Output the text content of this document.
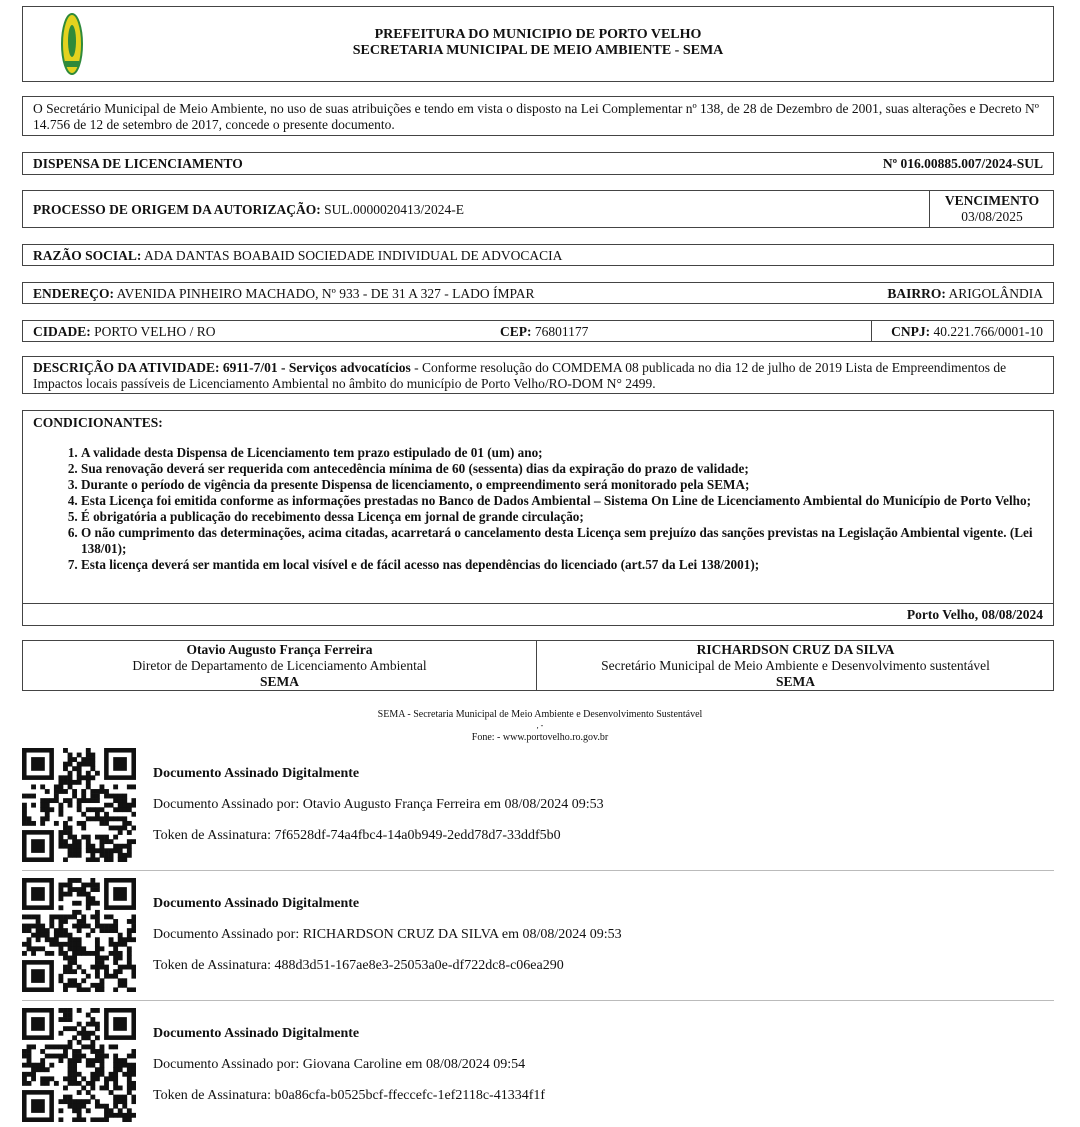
PREFEITURA DO MUNICIPIO DE PORTO VELHO
SECRETARIA MUNICIPAL DE MEIO AMBIENTE - SEMA
O Secretário Municipal de Meio Ambiente, no uso de suas atribuições e tendo em vista o disposto na Lei Complementar nº 138, de 28 de Dezembro de 2001, suas alterações e Decreto Nº 14.756 de 12 de setembro de 2017, concede o presente documento.
DISPENSA DE LICENCIAMENTO	Nº 016.00885.007/2024-SUL
PROCESSO DE ORIGEM DA AUTORIZAÇÃO: SUL.0000020413/2024-E
VENCIMENTO
03/08/2025
RAZÃO SOCIAL: ADA DANTAS BOABAID SOCIEDADE INDIVIDUAL DE ADVOCACIA
ENDEREÇO: AVENIDA PINHEIRO MACHADO, Nº 933 - DE 31 A 327 - LADO ÍMPAR	BAIRRO: ARIGOLÂNDIA
CIDADE: PORTO VELHO / RO	CEP: 76801177	CNPJ: 40.221.766/0001-10
DESCRIÇÃO DA ATIVIDADE: 6911-7/01 - Serviços advocatícios - Conforme resolução do COMDEMA 08 publicada no dia 12 de julho de 2019 Lista de Empreendimentos de Impactos locais passíveis de Licenciamento Ambiental no âmbito do município de Porto Velho/RO-DOM N° 2499.
CONDICIONANTES:
1. A validade desta Dispensa de Licenciamento tem prazo estipulado de 01 (um) ano;
2. Sua renovação deverá ser requerida com antecedência mínima de 60 (sessenta) dias da expiração do prazo de validade;
3. Durante o período de vigência da presente Dispensa de licenciamento, o empreendimento será monitorado pela SEMA;
4. Esta Licença foi emitida conforme as informações prestadas no Banco de Dados Ambiental – Sistema On Line de Licenciamento Ambiental do Município de Porto Velho;
5. É obrigatória a publicação do recebimento dessa Licença em jornal de grande circulação;
6. O não cumprimento das determinações, acima citadas, acarretará o cancelamento desta Licença sem prejuízo das sanções previstas na Legislação Ambiental vigente. (Lei 138/01);
7. Esta licença deverá ser mantida em local visível e de fácil acesso nas dependências do licenciado (art.57 da Lei 138/2001);
Porto Velho, 08/08/2024
Otavio Augusto França Ferreira
Diretor de Departamento de Licenciamento Ambiental
SEMA
RICHARDSON CRUZ DA SILVA
Secretário Municipal de Meio Ambiente e Desenvolvimento sustentável
SEMA
SEMA - Secretaria Municipal de Meio Ambiente e Desenvolvimento Sustentável
, -
Fone: - www.portovelho.ro.gov.br
Documento Assinado Digitalmente
Documento Assinado por: Otavio Augusto França Ferreira em 08/08/2024 09:53
Token de Assinatura: 7f6528df-74a4fbc4-14a0b949-2edd78d7-33ddf5b0
Documento Assinado Digitalmente
Documento Assinado por: RICHARDSON CRUZ DA SILVA em 08/08/2024 09:53
Token de Assinatura: 488d3d51-167ae8e3-25053a0e-df722dc8-c06ea290
Documento Assinado Digitalmente
Documento Assinado por: Giovana Caroline em 08/08/2024 09:54
Token de Assinatura: b0a86cfa-b0525bcf-ffeccefc-1ef2118c-41334f1f
